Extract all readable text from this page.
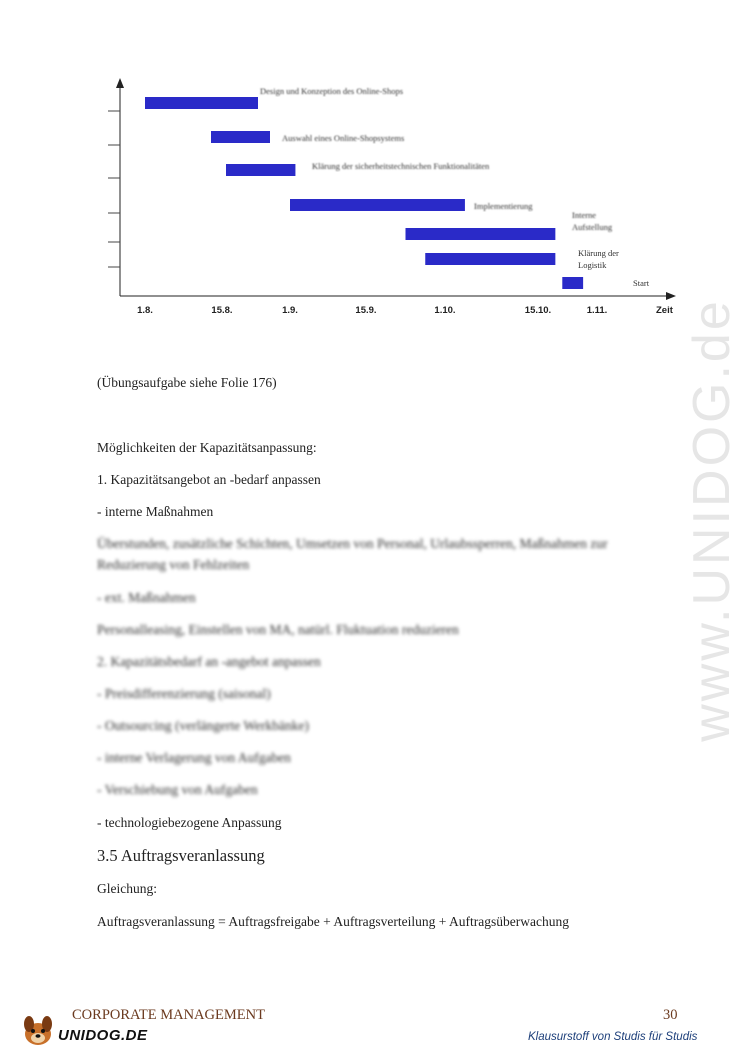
www.UNIDOG.de
Design und Konzeption des Online-Shops
Auswahl eines Online-Shopsystems
Klärung der sicherheitstechnischen Funktionalitäten
Implementierung
Interne Aufstellung
Klärung der Logistik
Start
1.8.	15.8.	1.9.	15.9.	1.10.	15.10.	1.11.	Zeit
(Übungsaufgabe siehe Folie 176)
Möglichkeiten der Kapazitätsanpassung:
1. Kapazitätsangebot an -bedarf anpassen
- interne Maßnahmen
Überstunden, zusätzliche Schichten, Umsetzen von Personal, Urlaubssperren, Maßnahmen zur
Reduzierung von Fehlzeiten
- ext. Maßnahmen
Personalleasing, Einstellen von MA, natürl. Fluktuation reduzieren
2. Kapazitätsbedarf an -angebot anpassen
- Preisdifferenzierung (saisonal)
- Outsourcing (verlängerte Werkbänke)
- interne Verlagerung von Aufgaben
- Verschiebung von Aufgaben
- technologiebezogene Anpassung
3.5 Auftragsveranlassung
Gleichung:
Auftragsveranlassung = Auftragsfreigabe + Auftragsverteilung + Auftragsüberwachung
UNIDOG.DE
CORPORATE MANAGEMENT	30
Klausurstoff von Studis für Studis
